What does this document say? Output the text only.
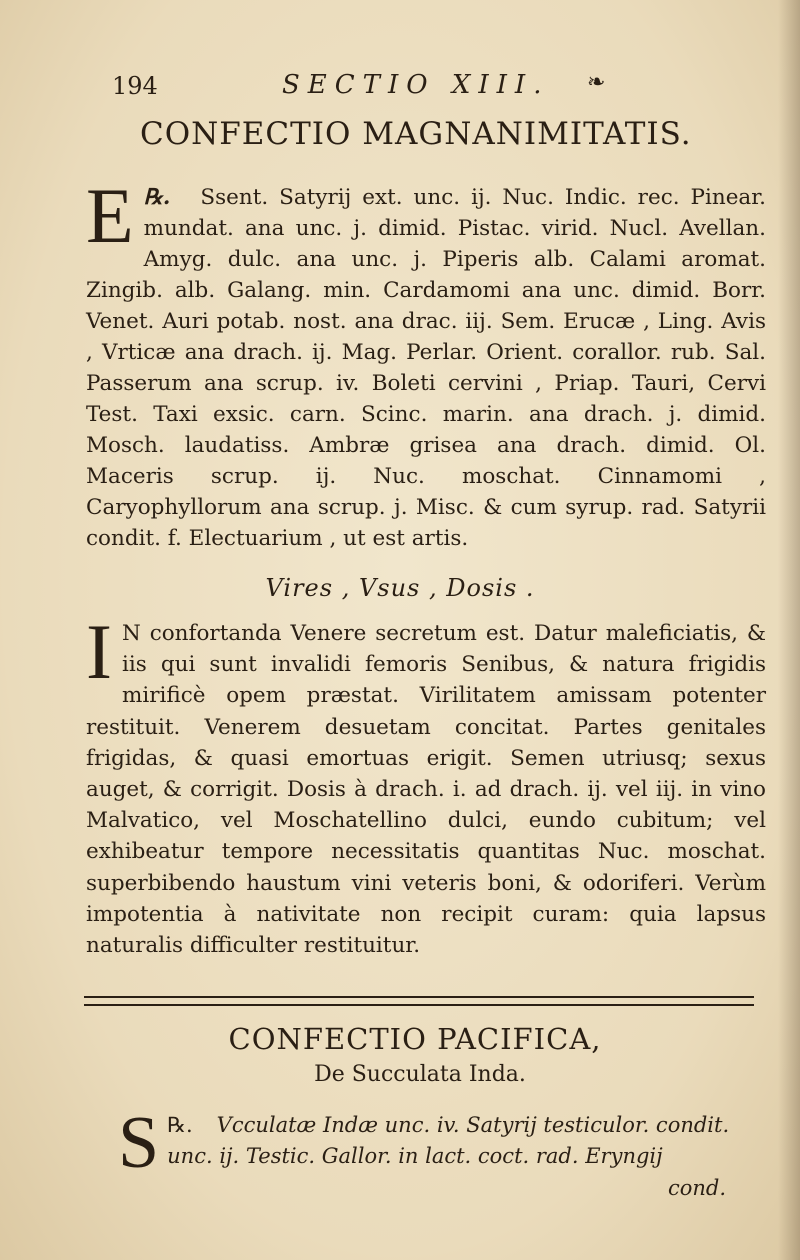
194	SECTIO XIII. ❧
CONFECTIO MAGNANIMITATIS.
℞.
E	Ssent. Satyrij ext. unc. ij. Nuc. Indic. rec. Pinear. mundat. ana unc. j. dimid. Pistac. virid. Nucl. Avellan. Amyg. dulc. ana unc. j. Piperis alb. Calami aromat. Zingib. alb. Galang. min. Cardamomi ana unc. dimid. Borr. Venet. Auri potab. nost. ana drac. iij. Sem. Erucæ , Ling. Avis , Vrticæ ana drach. ij. Mag. Perlar. Orient. corallor. rub. Sal. Passerum ana scrup. iv. Boleti cervini , Priap. Tauri, Cervi Test. Taxi exsic. carn. Scinc. marin. ana drach. j. dimid. Mosch. laudatiss. Ambræ grisea ana drach. dimid. Ol. Maceris scrup. ij. Nuc. moschat. Cinnamomi , Caryophyllorum ana scrup. j. Misc. & cum syrup. rad. Satyrii condit. f. Electuarium , ut est artis.
Vires , Vsus , Dosis .
I N confortanda Venere secretum est. Datur maleficiatis, & iis qui sunt invalidi femoris Senibus, & natura frigidis mirificè opem præstat. Virilitatem amissam potenter restituit. Venerem desuetam concitat. Partes genitales frigidas, & quasi emortuas erigit. Semen utriusq; sexus auget, & corrigit. Dosis à drach. i. ad drach. ij. vel iij. in vino Malvatico, vel Moschatellino dulci, eundo cubitum; vel exhibeatur tempore necessitatis quantitas Nuc. moschat. superbibendo haustum vini veteris boni, & odoriferi. Verùm impotentia à nativitate non recipit curam: quia lapsus naturalis difficulter restituitur.
CONFECTIO PACIFICA,
De Succulata Inda.
℞.
S	Vcculatæ Indæ unc. iv. Satyrij testiculor. condit. unc. ij. Testic. Gallor. in lact. coct. rad. Eryngij
cond.
